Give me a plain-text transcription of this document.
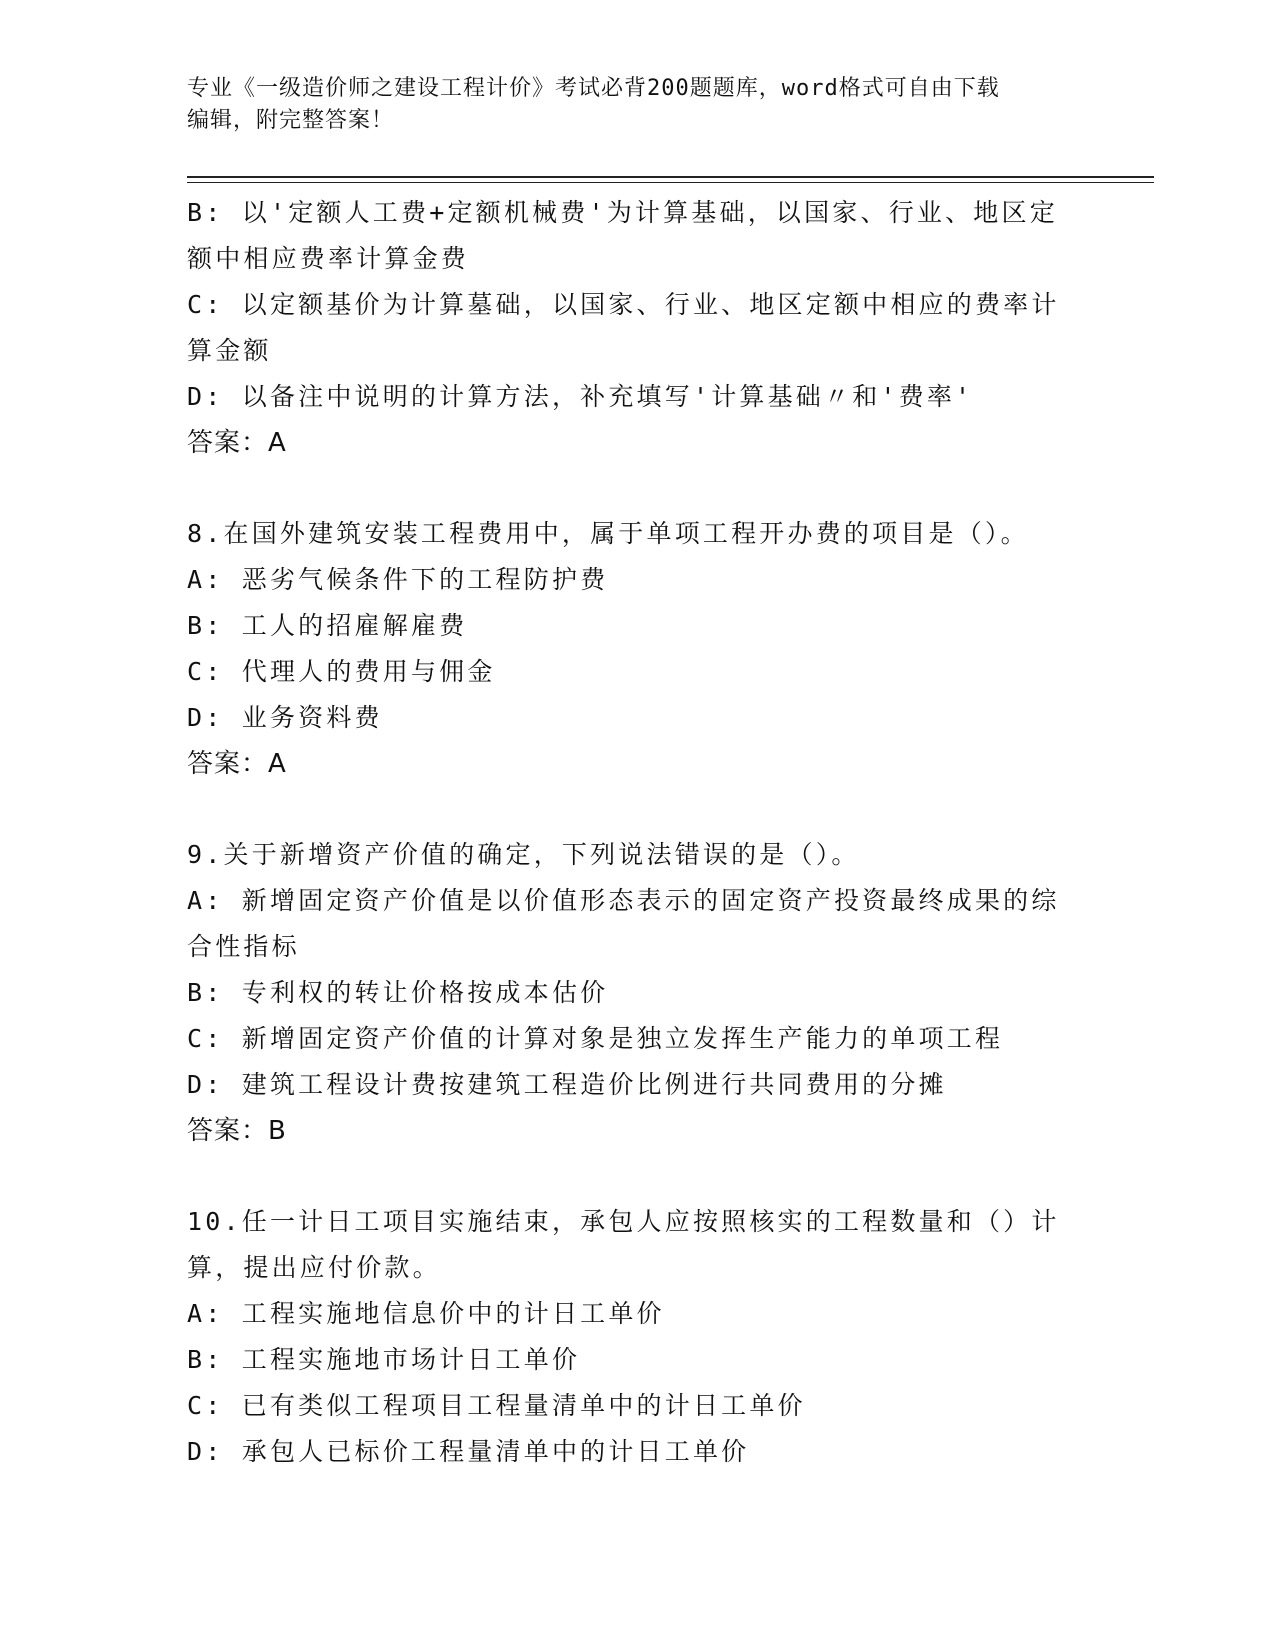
专业《一级造价师之建设工程计价》考试必背200题题库，word格式可自由下载
编辑，附完整答案！
B: 以'定额人工费+定额机械费'为计算基础，以国家、行业、地区定
额中相应费率计算金费
C: 以定额基价为计算墓础，以国家、行业、地区定额中相应的费率计
算金额
D: 以备注中说明的计算方法，补充填写'计算基础〃和'费率'
答案：A
8.在国外建筑安装工程费用中，属于单项工程开办费的项目是（）。
A: 恶劣气候条件下的工程防护费
B: 工人的招雇解雇费
C: 代理人的费用与佣金
D: 业务资料费
答案：A
9.关于新增资产价值的确定，下列说法错误的是（）。
A: 新增固定资产价值是以价值形态表示的固定资产投资最终成果的综
合性指标
B: 专利权的转让价格按成本估价
C: 新增固定资产价值的计算对象是独立发挥生产能力的单项工程
D: 建筑工程设计费按建筑工程造价比例进行共同费用的分摊
答案：B
10.任一计日工项目实施结束，承包人应按照核实的工程数量和（）计
算，提出应付价款。
A: 工程实施地信息价中的计日工单价
B: 工程实施地市场计日工单价
C: 已有类似工程项目工程量清单中的计日工单价
D: 承包人已标价工程量清单中的计日工单价
